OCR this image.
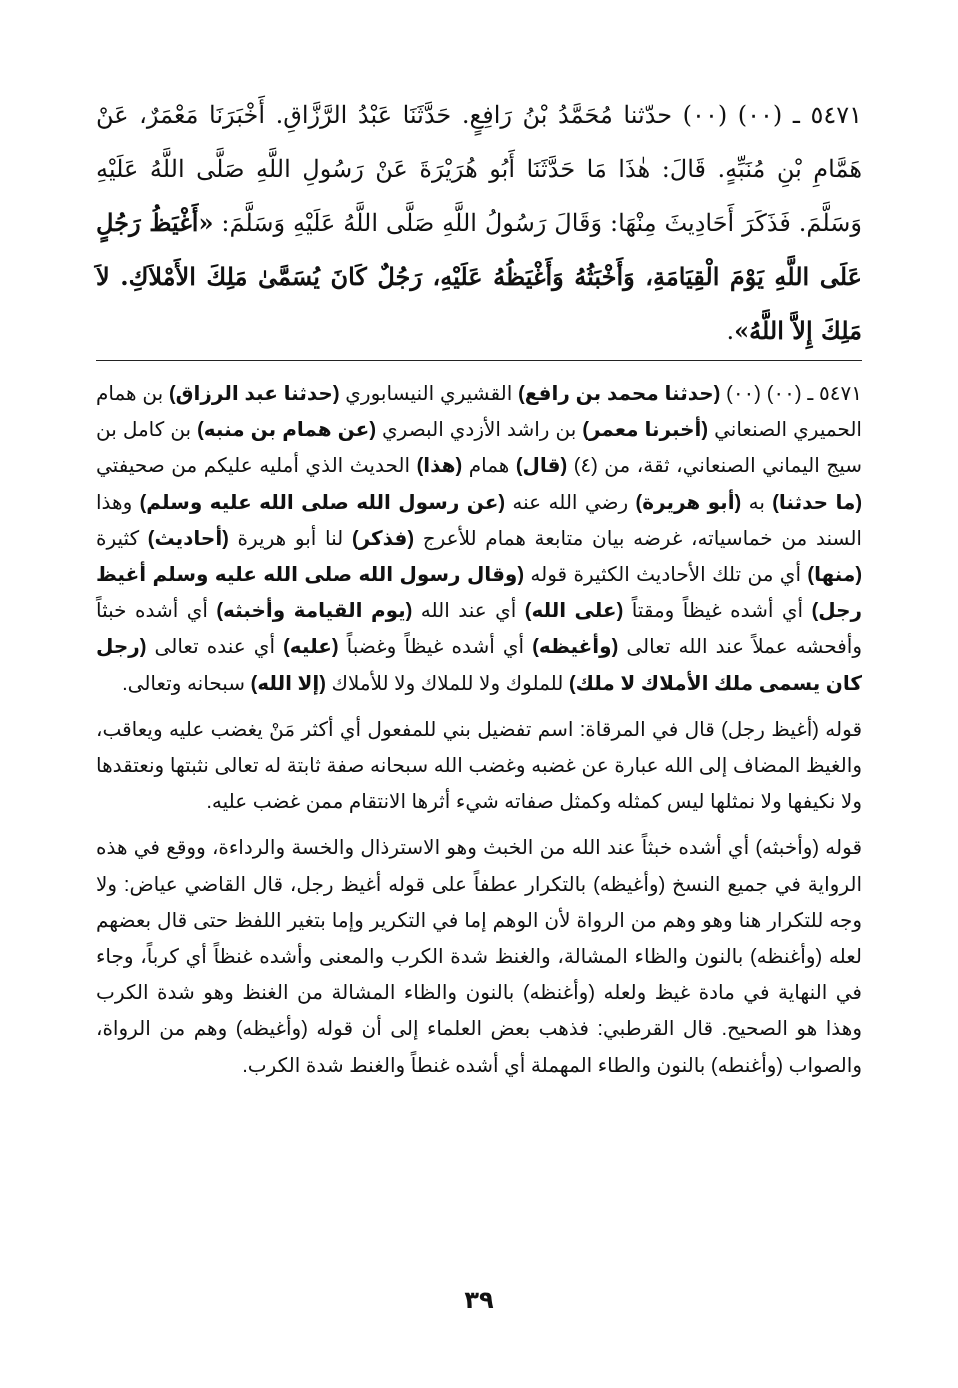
٥٤٧١ ـ (٠٠) (٠٠) حدّثنا مُحَمَّدُ بْنُ رَافِعٍ. حَدَّثَنَا عَبْدُ الرَّزَّاقِ. أَخْبَرَنَا مَعْمَرٌ، عَنْ هَمَّامِ بْنِ مُنَبِّهٍ. قَالَ: هٰذَا مَا حَدَّثَنَا أَبُو هُرَيْرَةَ عَنْ رَسُولِ اللَّهِ صَلَّى اللَّهُ عَلَيْهِ وَسَلَّمَ. فَذَكَرَ أَحَادِيثَ مِنْهَا: وَقَالَ رَسُولُ اللَّهِ صَلَّى اللَّهُ عَلَيْهِ وَسَلَّمَ: «أَغْيَظُ رَجُلٍ عَلَى اللَّهِ يَوْمَ الْقِيَامَةِ، وَأَخْبَثُهُ وَأَغْيَظُهُ عَلَيْهِ، رَجُلٌ كَانَ يُسَمَّىٰ مَلِكَ الأَمْلاَكِ. لاَ مَلِكَ إِلاَّ اللَّهُ».

٥٤٧١ ـ (٠٠) (٠٠) (حدثنا محمد بن رافع) القشيري النيسابوري (حدثنا عبد الرزاق) بن همام الحميري الصنعاني (أخبرنا معمر) بن راشد الأزدي البصري (عن همام بن منبه) بن كامل بن سيج اليماني الصنعاني، ثقة، من (٤) (قال) همام (هذا) الحديث الذي أمليه عليكم من صحيفتي (ما حدثنا) به (أبو هريرة) رضي الله عنه (عن رسول الله صلى الله عليه وسلم) وهذا السند من خماسياته، غرضه بيان متابعة همام للأعرج (فذكر) لنا أبو هريرة (أحاديث) كثيرة (منها) أي من تلك الأحاديث الكثيرة قوله (وقال رسول الله صلى الله عليه وسلم أغيظ رجل) أي أشده غيظاً ومقتاً (على الله) أي عند الله (يوم القيامة وأخبثه) أي أشده خبثاً وأفحشه عملاً عند الله تعالى (وأغيظه) أي أشده غيظاً وغضباً (عليه) أي عنده تعالى (رجل كان يسمى ملك الأملاك لا ملك) للملوك ولا للملاك ولا للأملاك (إلا الله) سبحانه وتعالى.

قوله (أغيظ رجل) قال في المرقاة: اسم تفضيل بني للمفعول أي أكثر مَنْ يغضب عليه ويعاقب، والغيظ المضاف إلى الله عبارة عن غضبه وغضب الله سبحانه صفة ثابتة له تعالى نثبتها ونعتقدها ولا نكيفها ولا نمثلها ليس كمثله وكمثل صفاته شيء أثرها الانتقام ممن غضب عليه.

قوله (وأخبثه) أي أشده خبثاً عند الله من الخبث وهو الاسترذال والخسة والرداءة، ووقع في هذه الرواية في جميع النسخ (وأغيظه) بالتكرار عطفاً على قوله أغيظ رجل، قال القاضي عياض: ولا وجه للتكرار هنا وهو وهم من الرواة لأن الوهم إما في التكرير وإما بتغير اللفظ حتى قال بعضهم لعله (وأغنظه) بالنون والظاء المشالة، والغنظ شدة الكرب والمعنى وأشده غنظاً أي كرباً، وجاء في النهاية في مادة غيظ ولعله (وأغنظه) بالنون والظاء المشالة من الغنظ وهو شدة الكرب وهذا هو الصحيح. قال القرطبي: فذهب بعض العلماء إلى أن قوله (وأغيظه) وهم من الرواة، والصواب (وأغنطه) بالنون والطاء المهملة أي أشده غنطاً والغنط شدة الكرب.

٣٩
